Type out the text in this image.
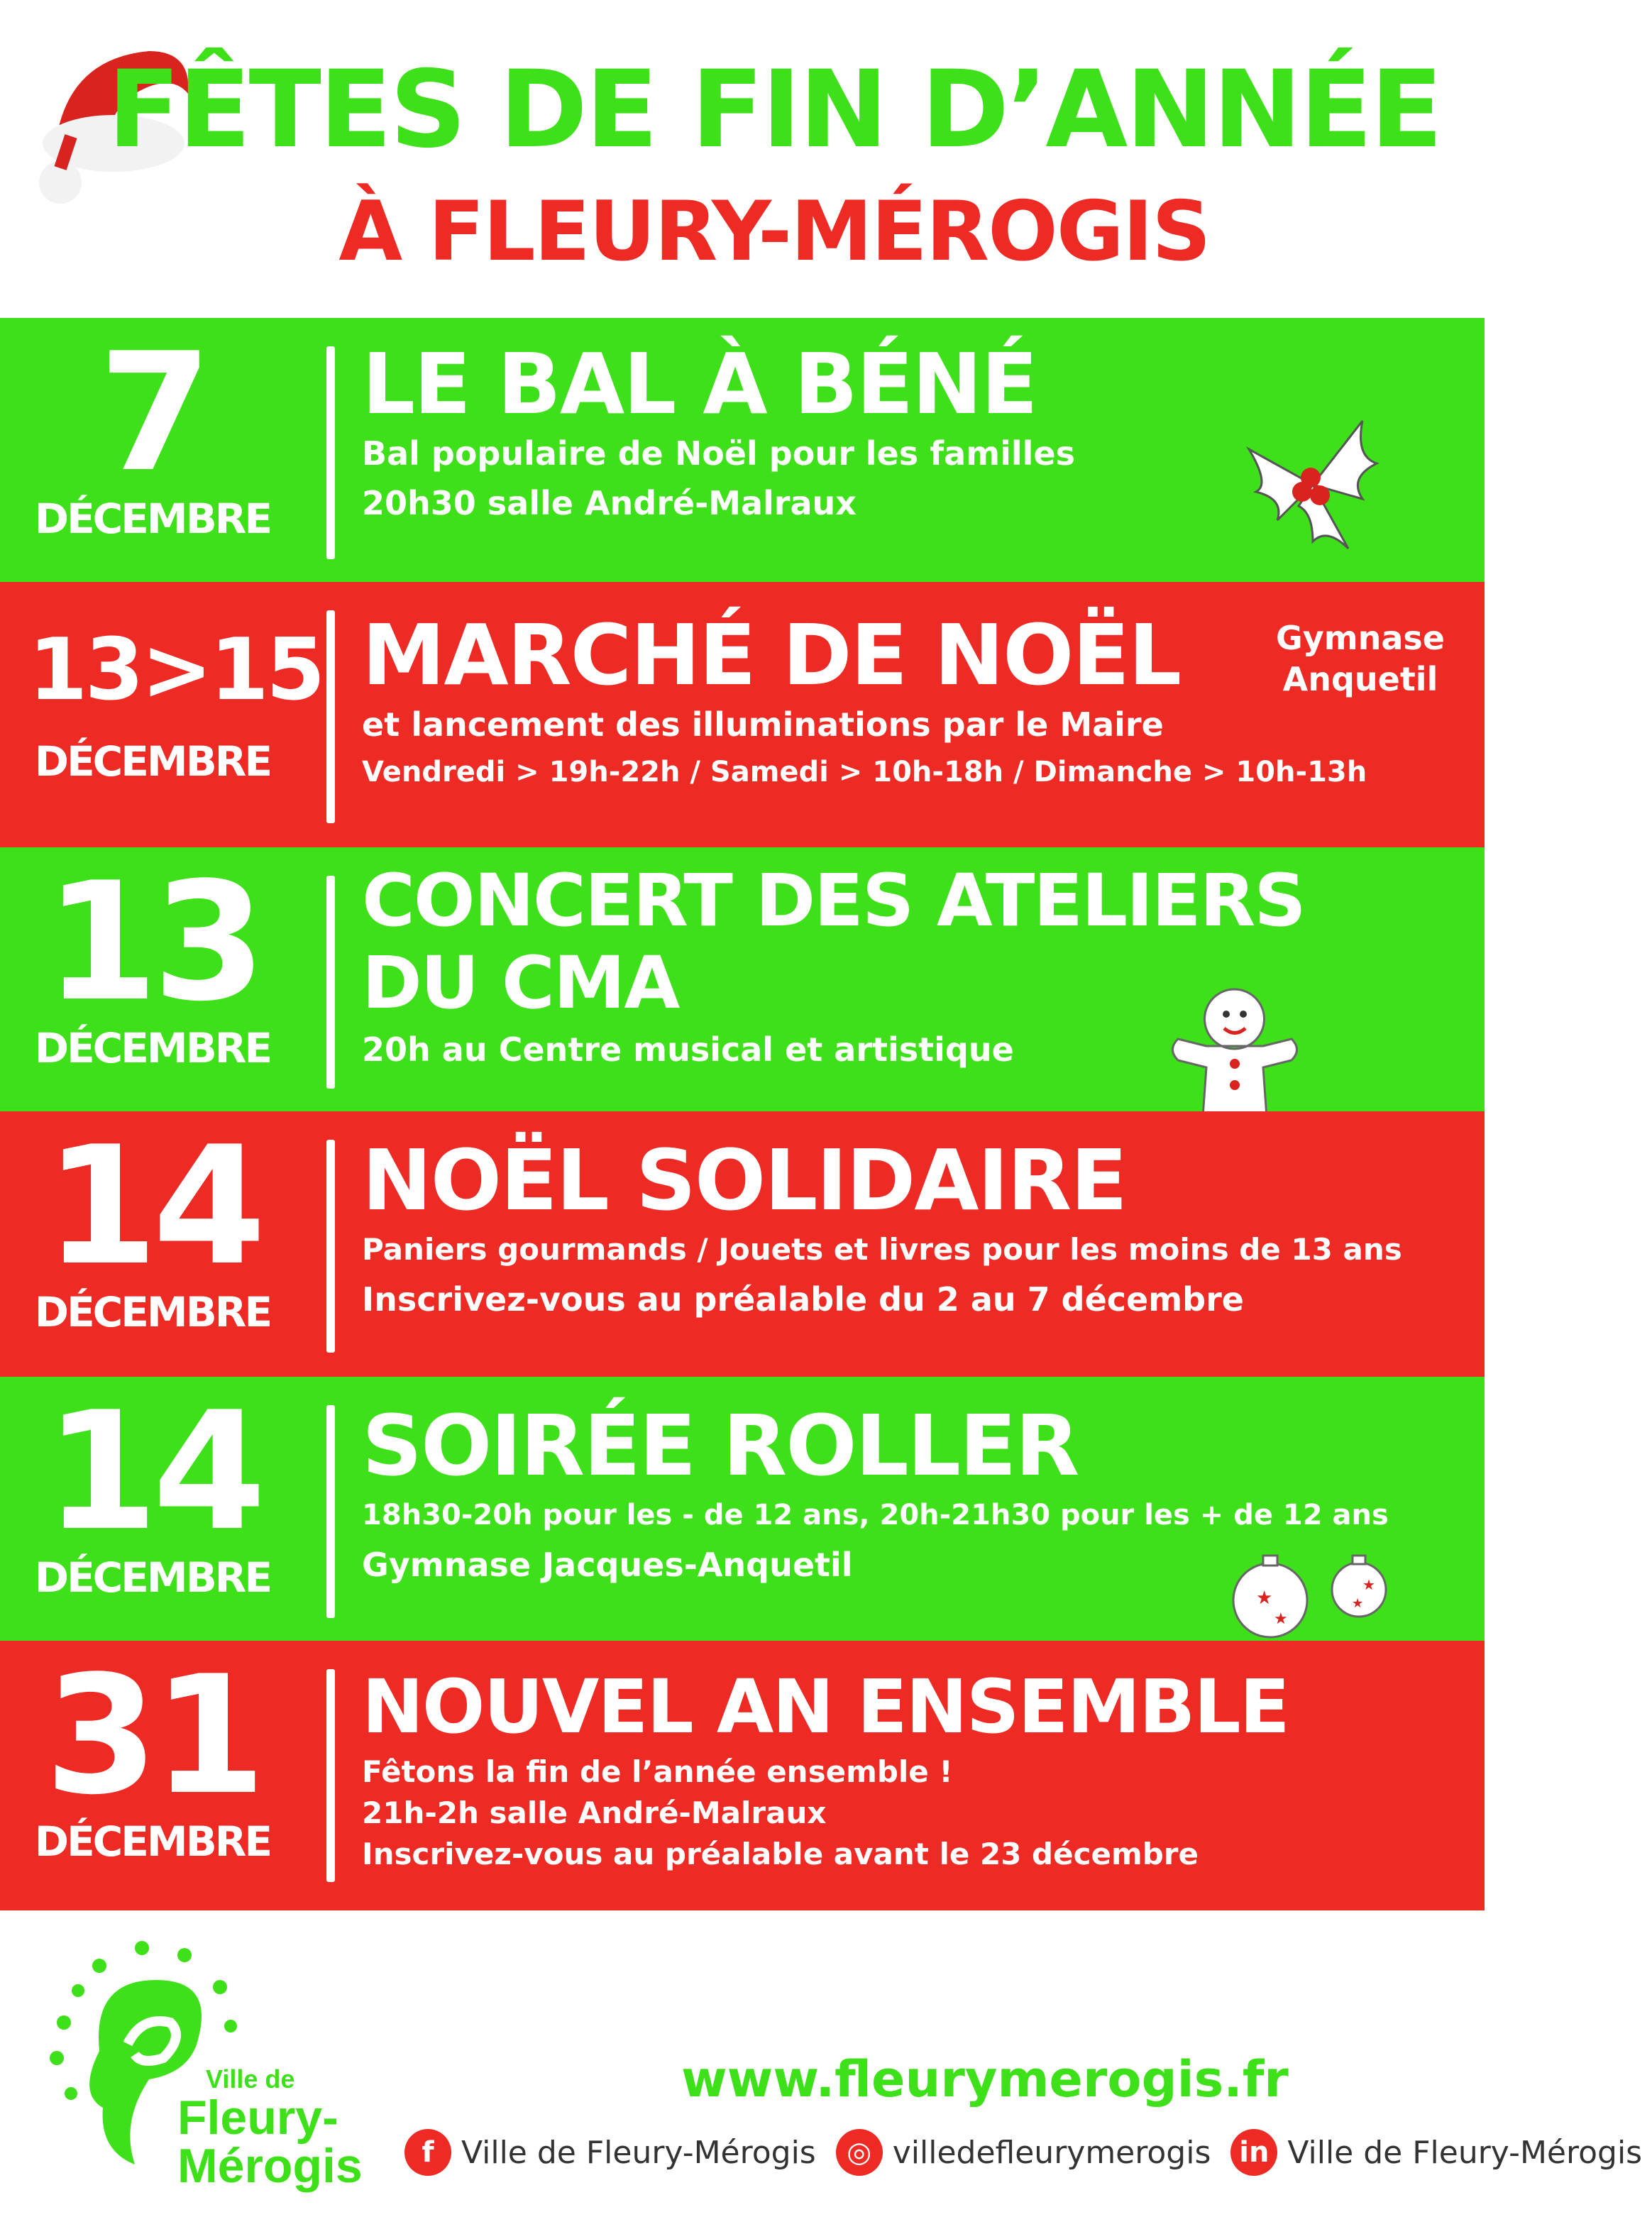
FÊTES DE FIN D’ANNÉE
À FLEURY-MÉROGIS
7
DÉCEMBRE
LE BAL À BÉNÉ
Bal populaire de Noël pour les familles
20h30 salle André-Malraux
13>15
DÉCEMBRE
MARCHÉ DE NOËL
et lancement des illuminations par le Maire
Vendredi > 19h-22h / Samedi > 10h-18h / Dimanche > 10h-13h
Gymnase
Anquetil
13
DÉCEMBRE
CONCERT DES ATELIERS DU CMA
20h au Centre musical et artistique
14
DÉCEMBRE
NOËL SOLIDAIRE
Paniers gourmands / Jouets et livres pour les moins de 13 ans
Inscrivez-vous au préalable du 2 au 7 décembre
14
DÉCEMBRE
SOIRÉE ROLLER
18h30-20h pour les - de 12 ans, 20h-21h30 pour les + de 12 ans
Gymnase Jacques-Anquetil
★
★
★
★
31
DÉCEMBRE
NOUVEL AN ENSEMBLE
Fêtons la fin de l’année ensemble !
21h-2h salle André-Malraux
Inscrivez-vous au préalable avant le 23 décembre
Ville de
Fleury-
Mérogis
www.fleurymerogis.fr
f Ville de Fleury-Mérogis	◎ villedefleurymerogis in Ville de Fleury-Mérogis
